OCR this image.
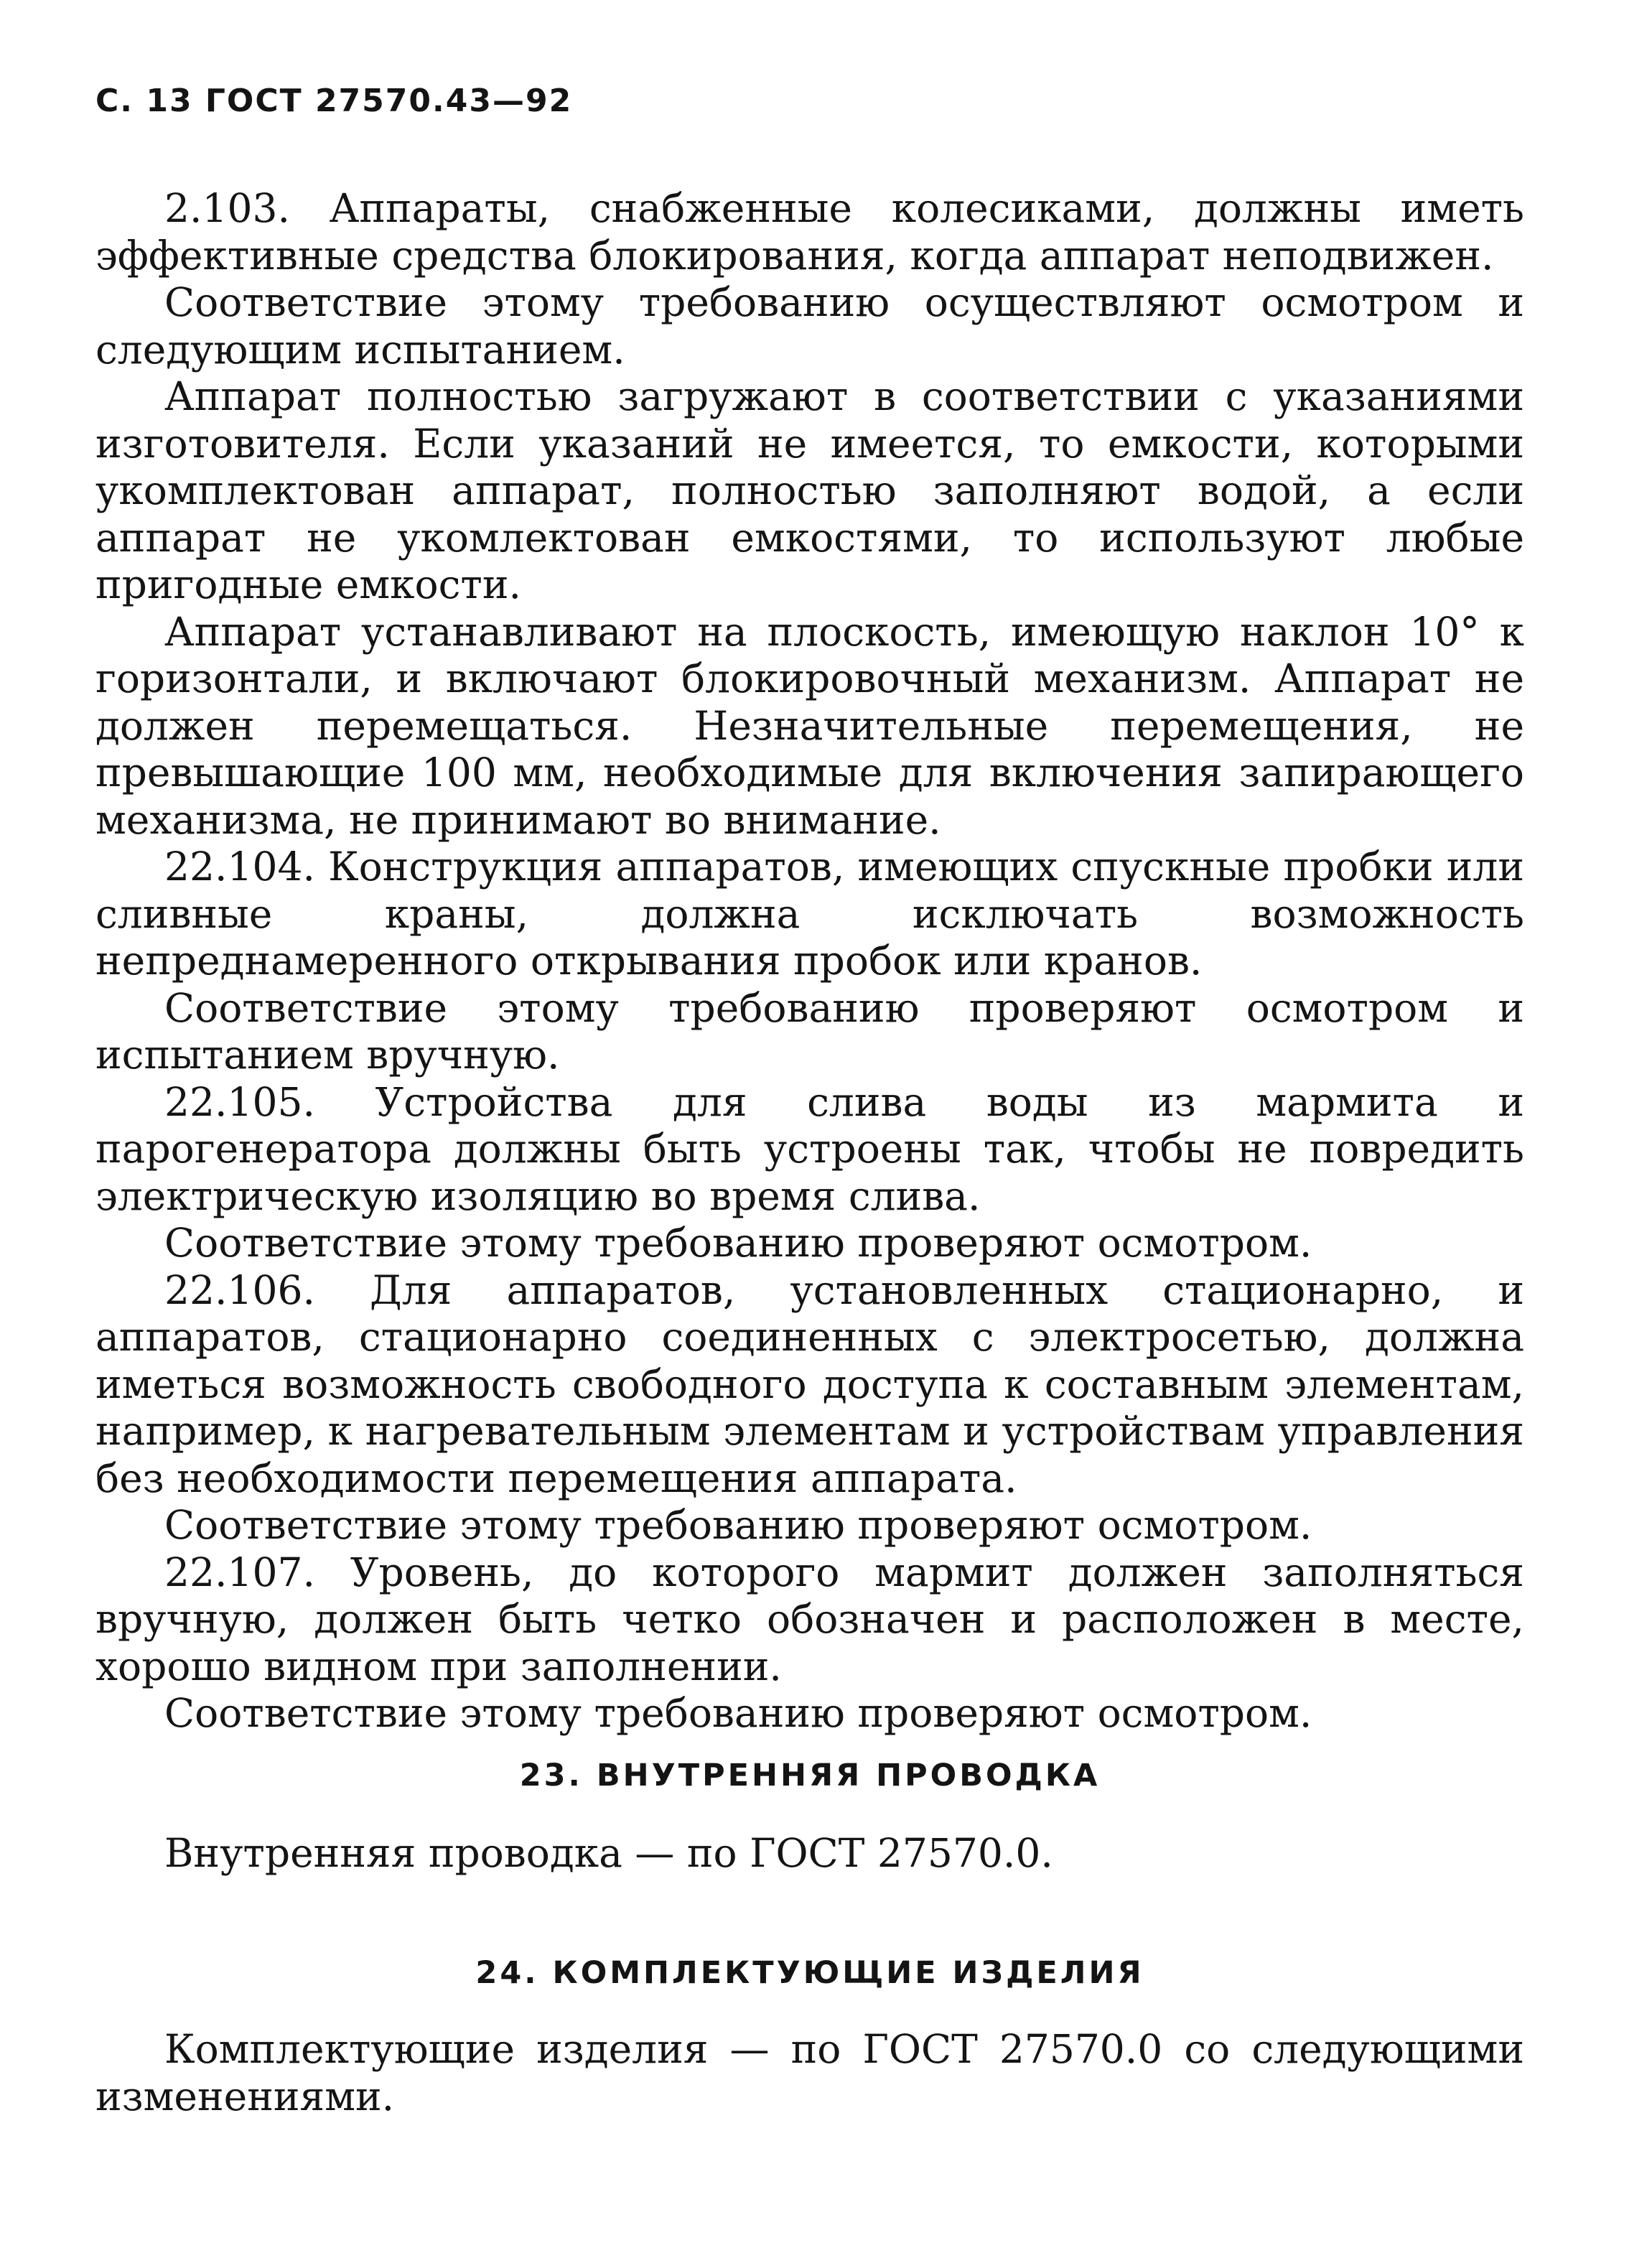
С. 13 ГОСТ 27570.43—92

2.103. Аппараты, снабженные колесиками, должны иметь эффективные средства блокирования, когда аппарат неподвижен.

Соответствие этому требованию осуществляют осмотром и следующим испытанием.

Аппарат полностью загружают в соответствии с указаниями изготовителя. Если указаний не имеется, то емкости, которыми укомплектован аппарат, полностью заполняют водой, а если аппарат не укомлектован емкостями, то используют любые пригодные емкости.

Аппарат устанавливают на плоскость, имеющую наклон 10° к горизонтали, и включают блокировочный механизм. Аппарат не должен перемещаться. Незначительные перемещения, не превышающие 100 мм, необходимые для включения запирающего механизма, не принимают во внимание.

22.104. Конструкция аппаратов, имеющих спускные пробки или сливные краны, должна исключать возможность непреднамеренного открывания пробок или кранов.

Соответствие этому требованию проверяют осмотром и испытанием вручную.

22.105. Устройства для слива воды из мармита и парогенератора должны быть устроены так, чтобы не повредить электрическую изоляцию во время слива.

Соответствие этому требованию проверяют осмотром.

22.106. Для аппаратов, установленных стационарно, и аппаратов, стационарно соединенных с электросетью, должна иметься возможность свободного доступа к составным элементам, например, к нагревательным элементам и устройствам управления без необходимости перемещения аппарата.

Соответствие этому требованию проверяют осмотром.

22.107. Уровень, до которого мармит должен заполняться вручную, должен быть четко обозначен и расположен в месте, хорошо видном при заполнении.

Соответствие этому требованию проверяют осмотром.

23. ВНУТРЕННЯЯ ПРОВОДКА

Внутренняя проводка — по ГОСТ 27570.0.

24. КОМПЛЕКТУЮЩИЕ ИЗДЕЛИЯ

Комплектующие изделия — по ГОСТ 27570.0 со следующими изменениями.
